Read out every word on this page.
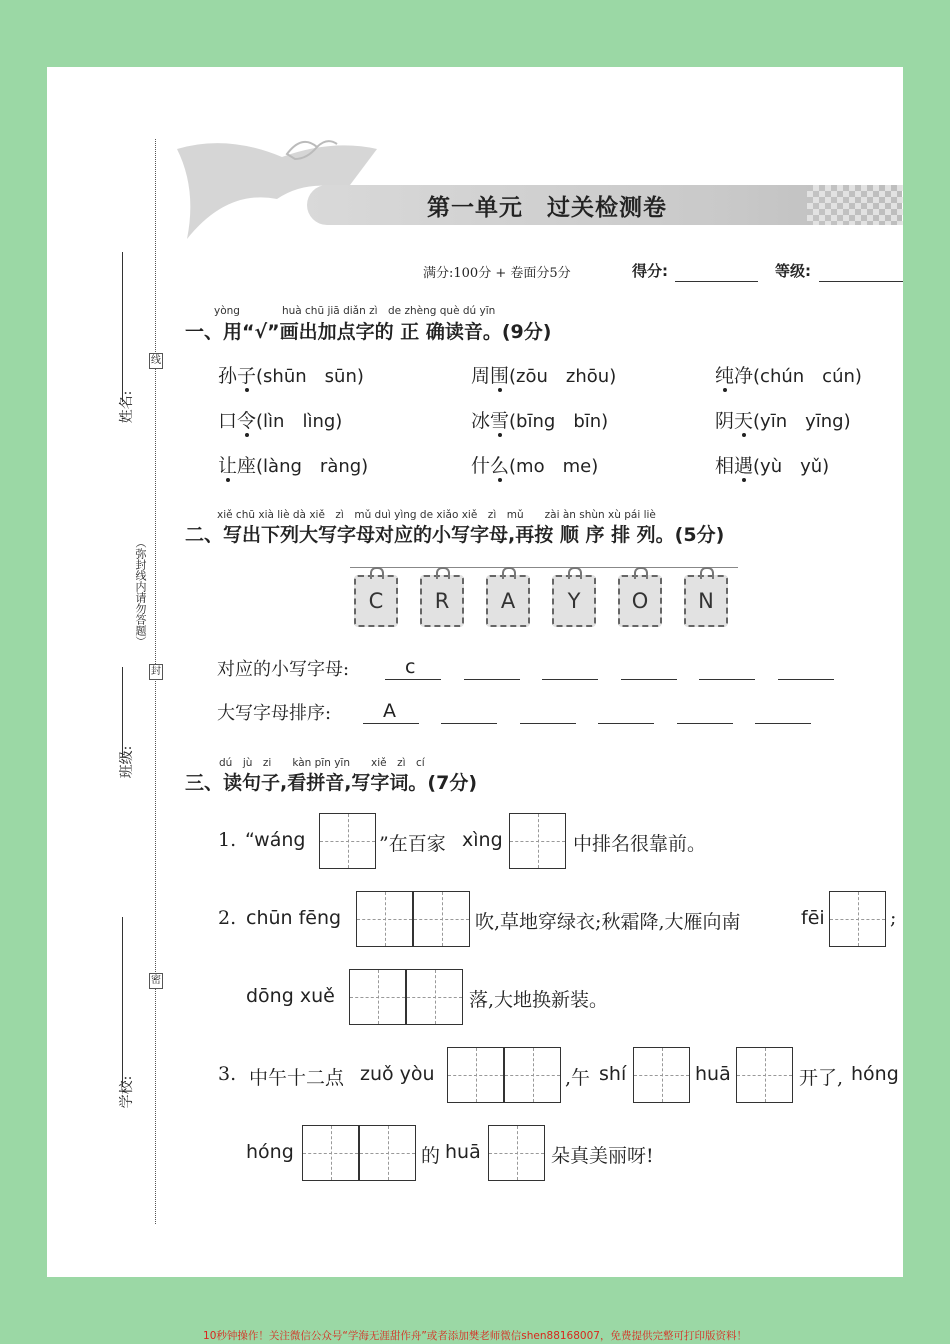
姓名:
（弥封线内请勿答题）
班级:
学校:
线
封
密
第一单元　过关检测卷
满分:100分 + 卷面分5分	得分:	等级:
yòng　　　　huà chū jiā diǎn zì　de zhèng què dú yīn
一、用“√”画出加点字的 正 确读音。(9分)
孙子(shūn　sūn)	周围(zōu　zhōu)	纯净(chún　cún)
口令(lìn　lìng)	冰雪(bīng　bīn)	阴天(yīn　yīng)
让座(làng　ràng)	什么(mo　me)	相遇(yù　yǔ)
xiě chū xià liè dà xiě　zì　mǔ duì yìng de xiǎo xiě　zì　mǔ　　zài àn shùn xù pái liè
二、写出下列大写字母对应的小写字母,再按 顺 序 排 列。(5分)
C	R	A	Y	O	N
对应的小写字母:	c
大写字母排序:	A
dú　jù　zi　　kàn pīn yīn　　xiě　zì　cí
三、读句子,看拼音,写字词。(7分)
1. “wáng	”在百家 xìng	中排名很靠前。
2. chūn fēng	吹,草地穿绿衣;秋霜降,大雁向南	fēi	;
dōng xuě	落,大地换新装。
3. 中午十二点 zuǒ yòu	,午 shí	huā	开了, hóng
hóng	的 huā	朵真美丽呀!
10秒钟操作！关注微信公众号“学海无涯甜作舟”或者添加樊老师微信shen88168007，免费提供完整可打印版资料！
